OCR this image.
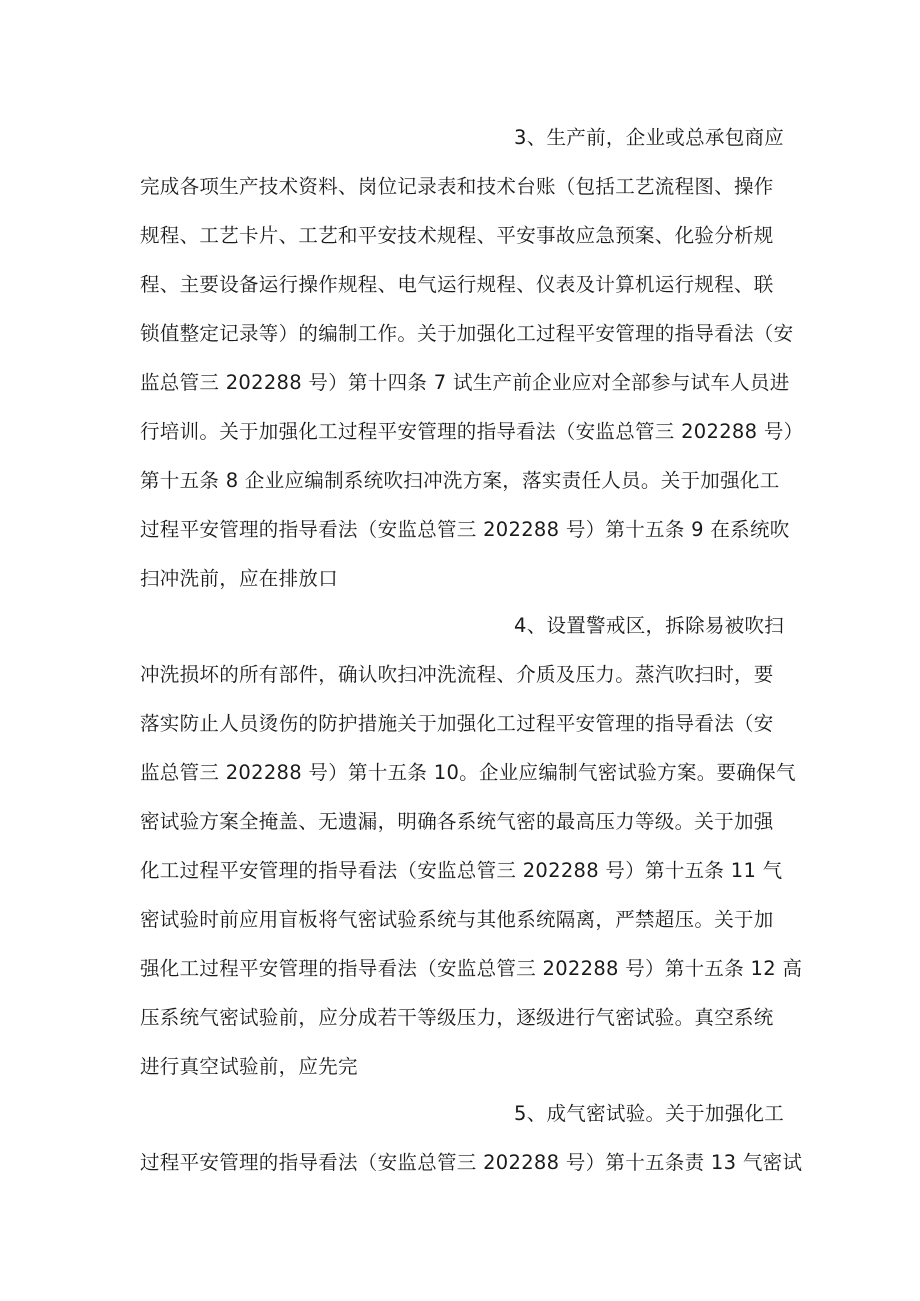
3、生产前，企业或总承包商应
完成各项生产技术资料、岗位记录表和技术台账（包括工艺流程图、操作
规程、工艺卡片、工艺和平安技术规程、平安事故应急预案、化验分析规
程、主要设备运行操作规程、电气运行规程、仪表及计算机运行规程、联
锁值整定记录等）的编制工作。关于加强化工过程平安管理的指导看法（安
监总管三 202288 号）第十四条 7 试生产前企业应对全部参与试车人员进
行培训。关于加强化工过程平安管理的指导看法（安监总管三 202288 号）
第十五条 8 企业应编制系统吹扫冲洗方案，落实责任人员。关于加强化工
过程平安管理的指导看法（安监总管三 202288 号）第十五条 9 在系统吹
扫冲洗前，应在排放口
4、设置警戒区，拆除易被吹扫
冲洗损坏的所有部件，确认吹扫冲洗流程、介质及压力。蒸汽吹扫时，要
落实防止人员烫伤的防护措施关于加强化工过程平安管理的指导看法（安
监总管三 202288 号）第十五条 10。企业应编制气密试验方案。要确保气
密试验方案全掩盖、无遗漏，明确各系统气密的最高压力等级。关于加强
化工过程平安管理的指导看法（安监总管三 202288 号）第十五条 11 气
密试验时前应用盲板将气密试验系统与其他系统隔离，严禁超压。关于加
强化工过程平安管理的指导看法（安监总管三 202288 号）第十五条 12 高
压系统气密试验前，应分成若干等级压力，逐级进行气密试验。真空系统
进行真空试验前，应先完
5、成气密试验。关于加强化工
过程平安管理的指导看法（安监总管三 202288 号）第十五条责 13 气密试
